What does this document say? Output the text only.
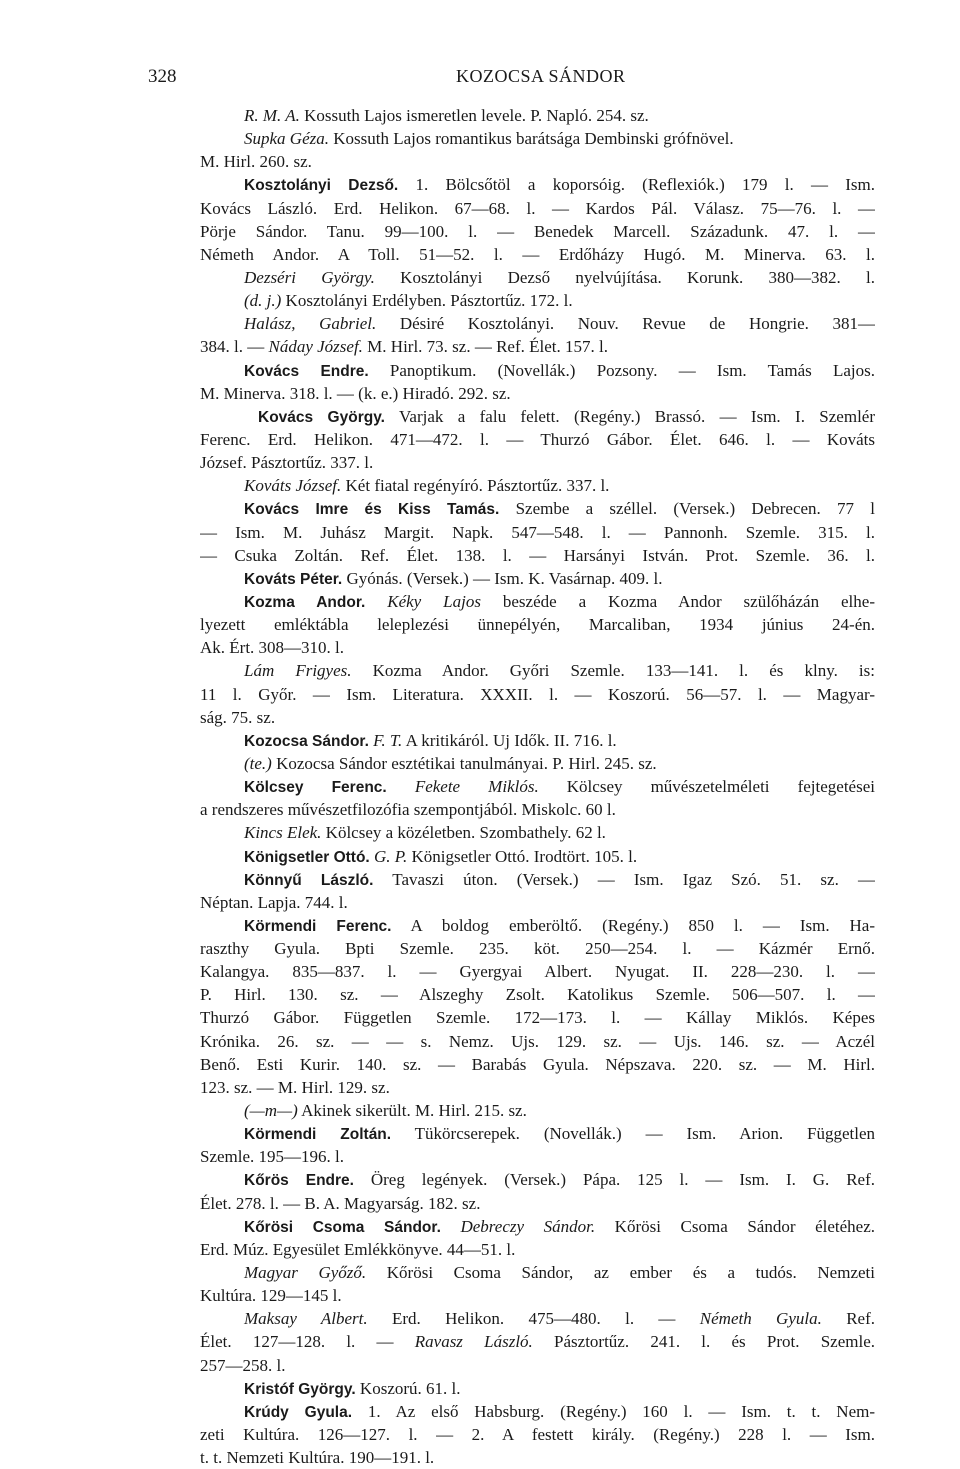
328	KOZOCSA SÁNDOR
R. M. A. Kossuth Lajos ismeretlen levele. P. Napló. 254. sz.
Supka Géza. Kossuth Lajos romantikus barátsága Dembinski grófnövel.
M. Hirl. 260. sz.
Kosztolányi Dezső. 1. Bölcsőtöl a koporsóig. (Reflexiók.) 179 l. — Ism.
Kovács László. Erd. Helikon. 67—68. l. — Kardos Pál. Válasz. 75—76. l. —
Pörje Sándor. Tanu. 99—100. l. — Benedek Marcell. Századunk. 47. l. —
Németh Andor. A Toll. 51—52. l. — Erdőházy Hugó. M. Minerva. 63. l.
Dezséri György. Kosztolányi Dezső nyelvújítása. Korunk. 380—382. l.
(d. j.) Kosztolányi Erdélyben. Pásztortűz. 172. l.
Halász, Gabriel. Désiré Kosztolányi. Nouv. Revue de Hongrie. 381—
384. l. — Náday József. M. Hirl. 73. sz. — Ref. Élet. 157. l.
Kovács Endre. Panoptikum. (Novellák.) Pozsony. — Ism. Tamás Lajos.
M. Minerva. 318. l. — (k. e.) Hiradó. 292. sz.
Kovács György. Varjak a falu felett. (Regény.) Brassó. — Ism. I. Szemlér
Ferenc. Erd. Helikon. 471—472. l. — Thurzó Gábor. Élet. 646. l. — Kováts
József. Pásztortűz. 337. l.
Kováts József. Két fiatal regényíró. Pásztortűz. 337. l.
Kovács Imre és Kiss Tamás. Szembe a széllel. (Versek.) Debrecen. 77 l
— Ism. M. Juhász Margit. Napk. 547—548. l. — Pannonh. Szemle. 315. l.
— Csuka Zoltán. Ref. Élet. 138. l. — Harsányi István. Prot. Szemle. 36. l.
Kováts Péter. Gyónás. (Versek.) — Ism. K. Vasárnap. 409. l.
Kozma Andor. Kéky Lajos beszéde a Kozma Andor szülőházán elhe-
lyezett emléktábla leleplezési ünnepélyén, Marcaliban, 1934 június 24-én.
Ak. Ért. 308—310. l.
Lám Frigyes. Kozma Andor. Győri Szemle. 133—141. l. és klny. is:
11 l. Győr. — Ism. Literatura. XXXII. l. — Koszorú. 56—57. l. — Magyar-
ság. 75. sz.
Kozocsa Sándor. F. T. A kritikáról. Uj Idők. II. 716. l.
(te.) Kozocsa Sándor esztétikai tanulmányai. P. Hirl. 245. sz.
Kölcsey Ferenc. Fekete Miklós. Kölcsey művészetelméleti fejtegetései
a rendszeres művészetfilozófia szempontjából. Miskolc. 60 l.
Kincs Elek. Kölcsey a közéletben. Szombathely. 62 l.
Königsetler Ottó. G. P. Königsetler Ottó. Irodtört. 105. l.
Könnyű László. Tavaszi úton. (Versek.) — Ism. Igaz Szó. 51. sz. —
Néptan. Lapja. 744. l.
Körmendi Ferenc. A boldog emberöltő. (Regény.) 850 l. — Ism. Ha-
raszthy Gyula. Bpti Szemle. 235. köt. 250—254. l. — Kázmér Ernő.
Kalangya. 835—837. l. — Gyergyai Albert. Nyugat. II. 228—230. l. —
P. Hirl. 130. sz. — Alszeghy Zsolt. Katolikus Szemle. 506—507. l. —
Thurzó Gábor. Független Szemle. 172—173. l. — Kállay Miklós. Képes
Krónika. 26. sz. — — s. Nemz. Ujs. 129. sz. — Ujs. 146. sz. — Aczél
Benő. Esti Kurir. 140. sz. — Barabás Gyula. Népszava. 220. sz. — M. Hirl.
123. sz. — M. Hirl. 129. sz.
(—m—) Akinek sikerült. M. Hirl. 215. sz.
Körmendi Zoltán. Tükörcserepek. (Novellák.) — Ism. Arion. Független
Szemle. 195—196. l.
Kőrös Endre. Öreg legények. (Versek.) Pápa. 125 l. — Ism. I. G. Ref.
Élet. 278. l. — B. A. Magyarság. 182. sz.
Kőrösi Csoma Sándor. Debreczy Sándor. Kőrösi Csoma Sándor életéhez.
Erd. Múz. Egyesület Emlékkönyve. 44—51. l.
Magyar Győző. Kőrösi Csoma Sándor, az ember és a tudós. Nemzeti
Kultúra. 129—145 l.
Maksay Albert. Erd. Helikon. 475—480. l. — Németh Gyula. Ref.
Élet. 127—128. l. — Ravasz László. Pásztortűz. 241. l. és Prot. Szemle.
257—258. l.
Kristóf György. Koszorú. 61. l.
Krúdy Gyula. 1. Az első Habsburg. (Regény.) 160 l. — Ism. t. t. Nem-
zeti Kultúra. 126—127. l. — 2. A festett király. (Regény.) 228 l. — Ism.
t. t. Nemzeti Kultúra. 190—191. l.
